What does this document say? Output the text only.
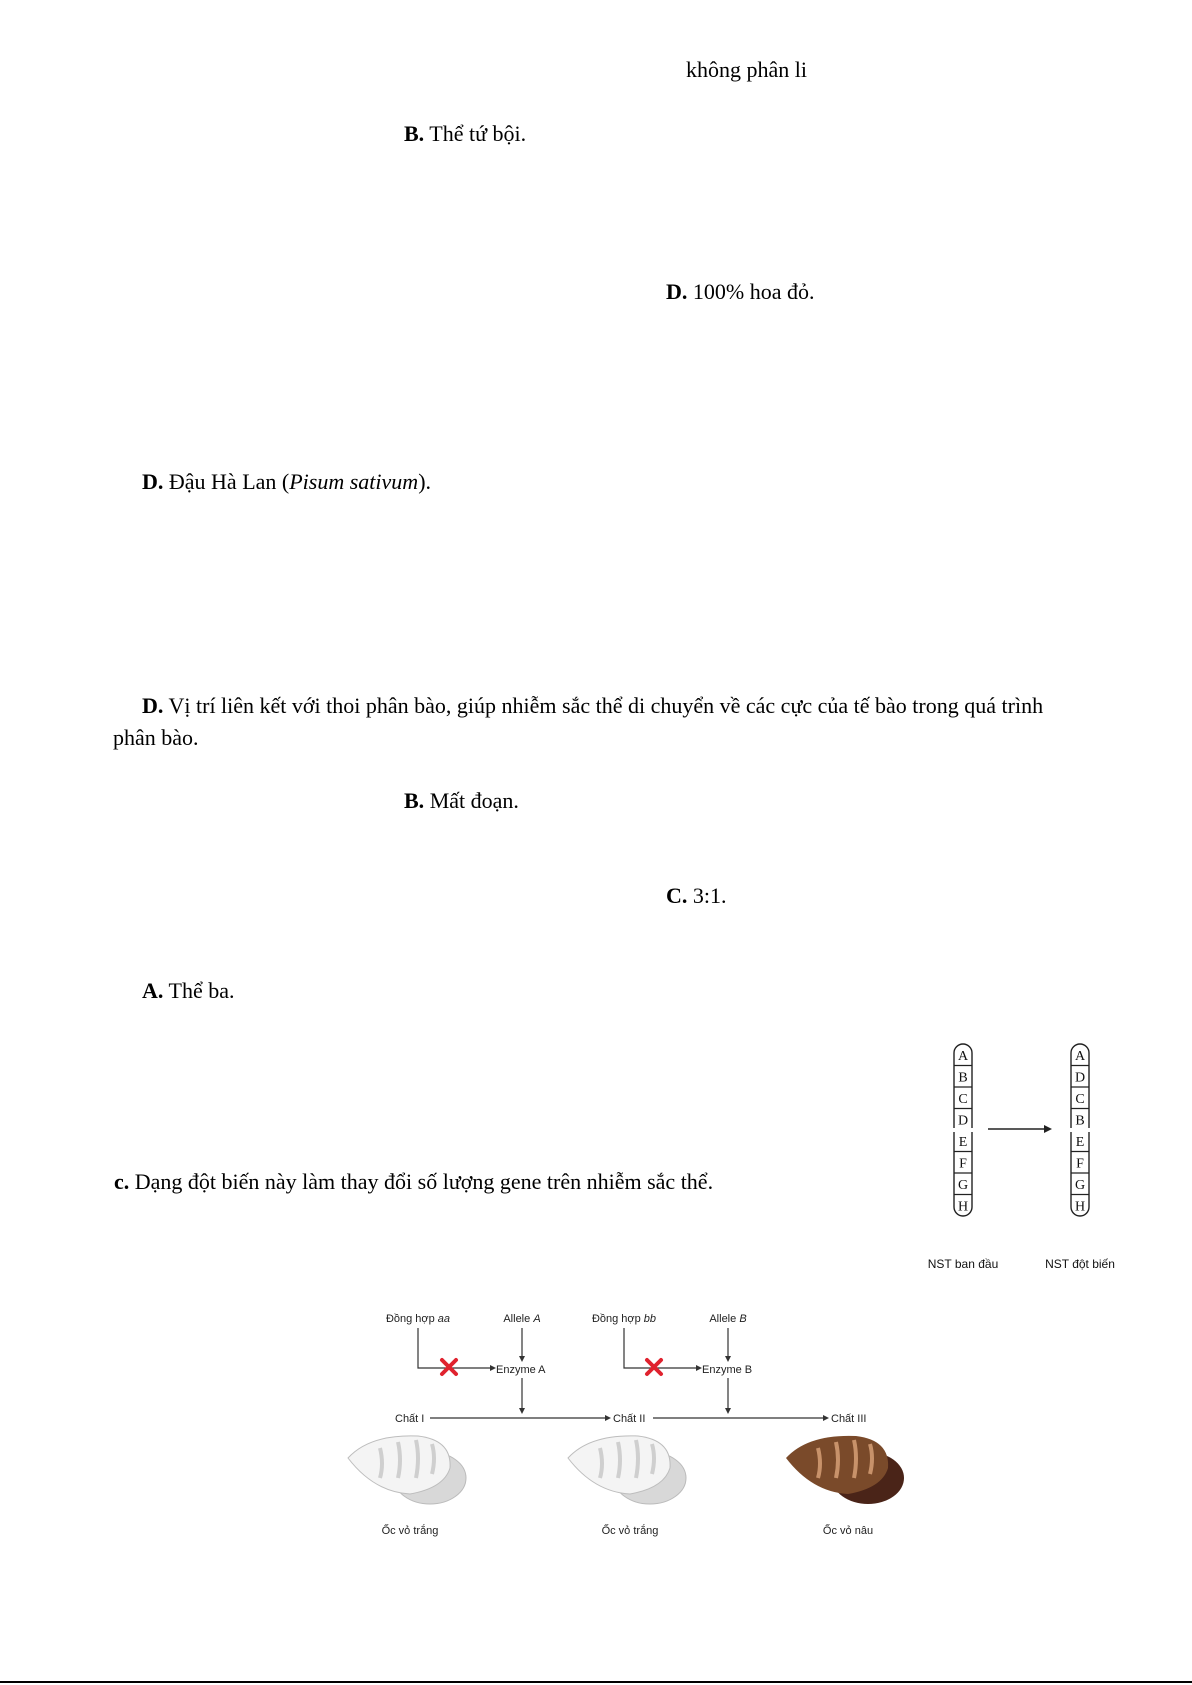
không phân li
B. Thể tứ bội.
D. 100% hoa đỏ.
D. Đậu Hà Lan (Pisum sativum).
D. Vị trí liên kết với thoi phân bào, giúp nhiễm sắc thể di chuyển về các cực của tế bào trong quá trình
phân bào.
B. Mất đoạn.
C. 3:1.
A. Thể ba.
c. Dạng đột biến này làm thay đổi số lượng gene trên nhiễm sắc thể.
A
B
C
D
E
F
G
H
A
D
C
B
E
F
G
H
NST ban đầu	NST đột biến
Đồng hợp aa	Allele A	Đồng hợp bb	Allele B
Enzyme A	Enzyme B
Chất I	Chất II	Chất III
Ốc vỏ trắng	Ốc vỏ trắng	Ốc vỏ nâu
